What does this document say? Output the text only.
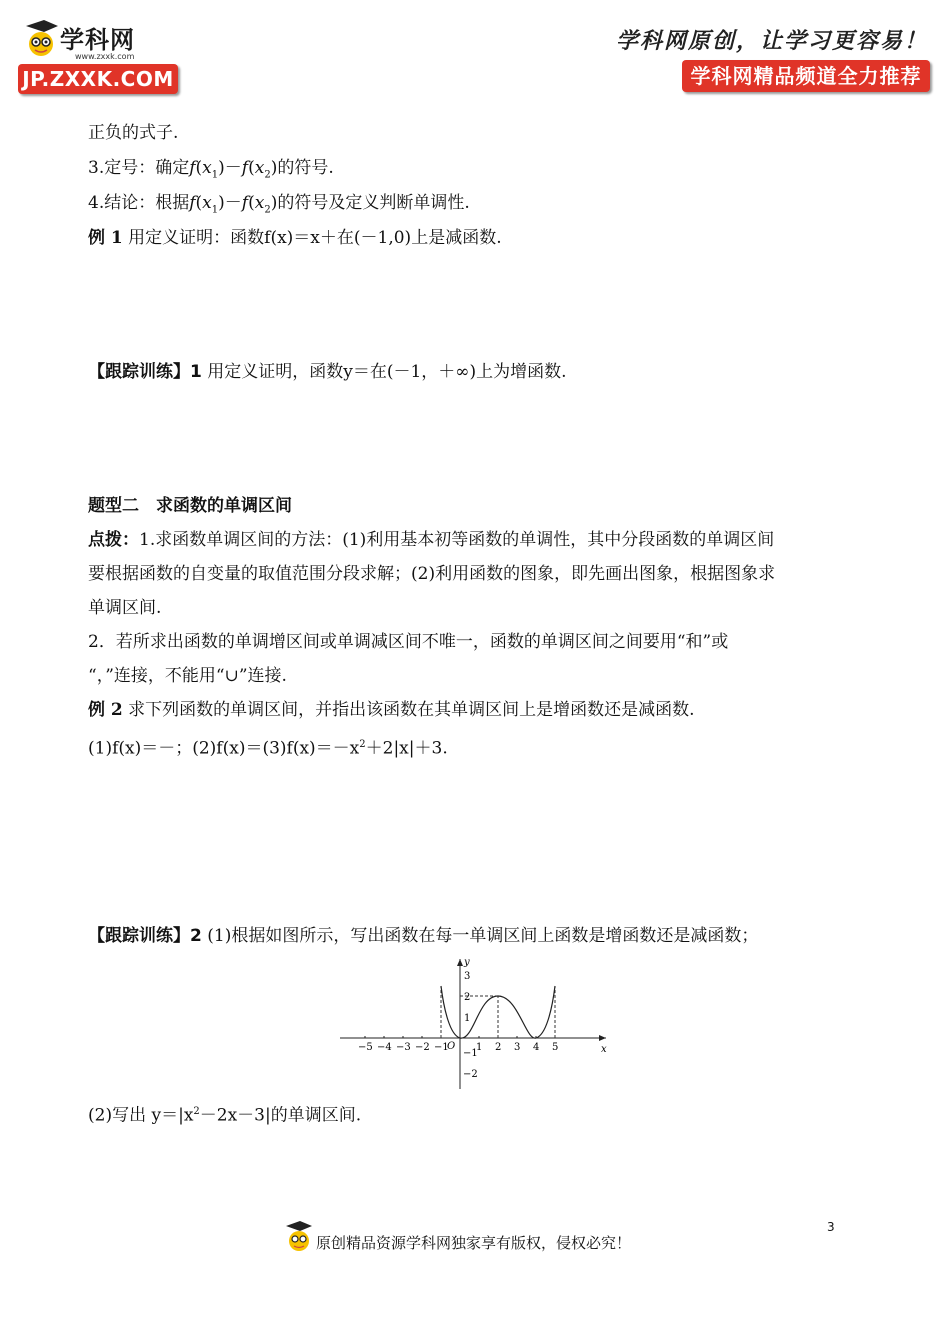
学科网
www.zxxk.com
JP.ZXXK.COM
学科网原创，让学习更容易！
学科网精品频道全力推荐
正负的式子.
3.定号：确定$f(x_1)-f(x_2)$的符号.
4.结论：根据$f(x_1)-f(x_2)$的符号及定义判断单调性.
例 1 用定义证明：函数f(x)＝x＋在(－1,0)上是减函数.
【跟踪训练】1 用定义证明，函数y＝在(－1，＋∞)上为增函数.
题型二　求函数的单调区间
点拨：1.求函数单调区间的方法：(1)利用基本初等函数的单调性，其中分段函数的单调区间
要根据函数的自变量的取值范围分段求解；(2)利用函数的图象，即先画出图象，根据图象求
单调区间.
2．若所求出函数的单调增区间或单调减区间不唯一，函数的单调区间之间要用“和”或
“，”连接，不能用“∪”连接.
例 2 求下列函数的单调区间，并指出该函数在其单调区间上是增函数还是减函数.
(1)f(x)＝－；$(2)f(x)=(3)f(x)=-x^2+2|x|+3$.
【跟踪训练】2 (1)根据如图所示，写出函数在每一单调区间上函数是增函数还是减函数；
x
y
O
−5 −4 −3 −2 −1	1 2 3 4 5
3
2
1
−1
−2
(2)写出 $y=|x^2-2x-3|$的单调区间.
原创精品资源学科网独家享有版权，侵权必究！
3
